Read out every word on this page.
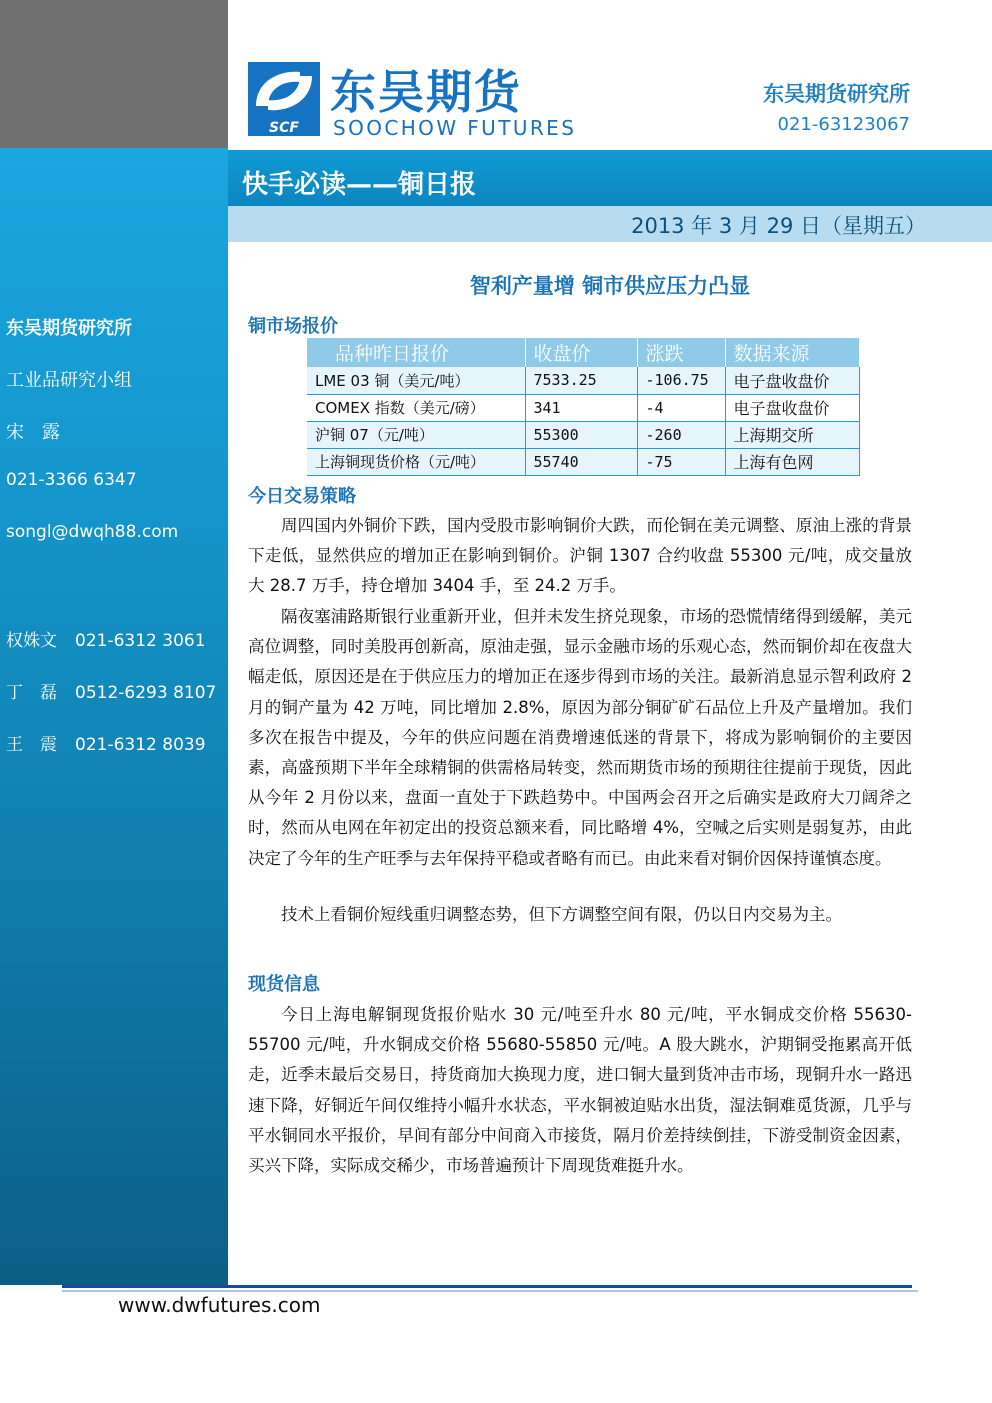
东吴期货研究所
工业品研究小组
宋　露
021-3366 6347
songl@dwqh88.com
权姝文 021-6312 3061
丁　磊 0512-6293 8107
王　震 021-6312 8039
东吴期货
SCF SOOCHOW FUTURES
东吴期货研究所
021-63123067
快手必读——铜日报
2013 年 3 月 29 日（星期五）
智利产量增 铜市供应压力凸显
铜市场报价
品种昨日报价	收盘价	涨跌	数据来源
LME 03 铜（美元/吨）	7533.25	-106.75	电子盘收盘价
COMEX 指数（美元/磅）	341	-4	电子盘收盘价
沪铜 07（元/吨）	55300	-260	上海期交所
上海铜现货价格（元/吨）	55740	-75	上海有色网
今日交易策略

周四国内外铜价下跌，国内受股市影响铜价大跌，而伦铜在美元调整、原油上涨的背景下走低，显然供应的增加正在影响到铜价。沪铜 1307 合约收盘 55300 元/吨，成交量放大 28.7 万手，持仓增加 3404 手，至 24.2 万手。

隔夜塞浦路斯银行业重新开业，但并未发生挤兑现象，市场的恐慌情绪得到缓解，美元高位调整，同时美股再创新高，原油走强，显示金融市场的乐观心态，然而铜价却在夜盘大幅走低，原因还是在于供应压力的增加正在逐步得到市场的关注。最新消息显示智利政府 2 月的铜产量为 42 万吨，同比增加 2.8%，原因为部分铜矿矿石品位上升及产量增加。我们多次在报告中提及，今年的供应问题在消费增速低迷的背景下，将成为影响铜价的主要因素，高盛预期下半年全球精铜的供需格局转变，然而期货市场的预期往往提前于现货，因此从今年 2 月份以来，盘面一直处于下跌趋势中。中国两会召开之后确实是政府大刀阔斧之时，然而从电网在年初定出的投资总额来看，同比略增 4%，空喊之后实则是弱复苏，由此决定了今年的生产旺季与去年保持平稳或者略有而已。由此来看对铜价因保持谨慎态度。

技术上看铜价短线重归调整态势，但下方调整空间有限，仍以日内交易为主。

现货信息

今日上海电解铜现货报价贴水 30 元/吨至升水 80 元/吨，平水铜成交价格 55630-55700 元/吨，升水铜成交价格 55680-55850 元/吨。A 股大跳水，沪期铜受拖累高开低走，近季末最后交易日，持货商加大换现力度，进口铜大量到货冲击市场，现铜升水一路迅速下降，好铜近午间仅维持小幅升水状态，平水铜被迫贴水出货，湿法铜难觅货源，几乎与平水铜同水平报价，早间有部分中间商入市接货，隔月价差持续倒挂，下游受制资金因素，买兴下降，实际成交稀少，市场普遍预计下周现货难挺升水。

www.dwfutures.com
